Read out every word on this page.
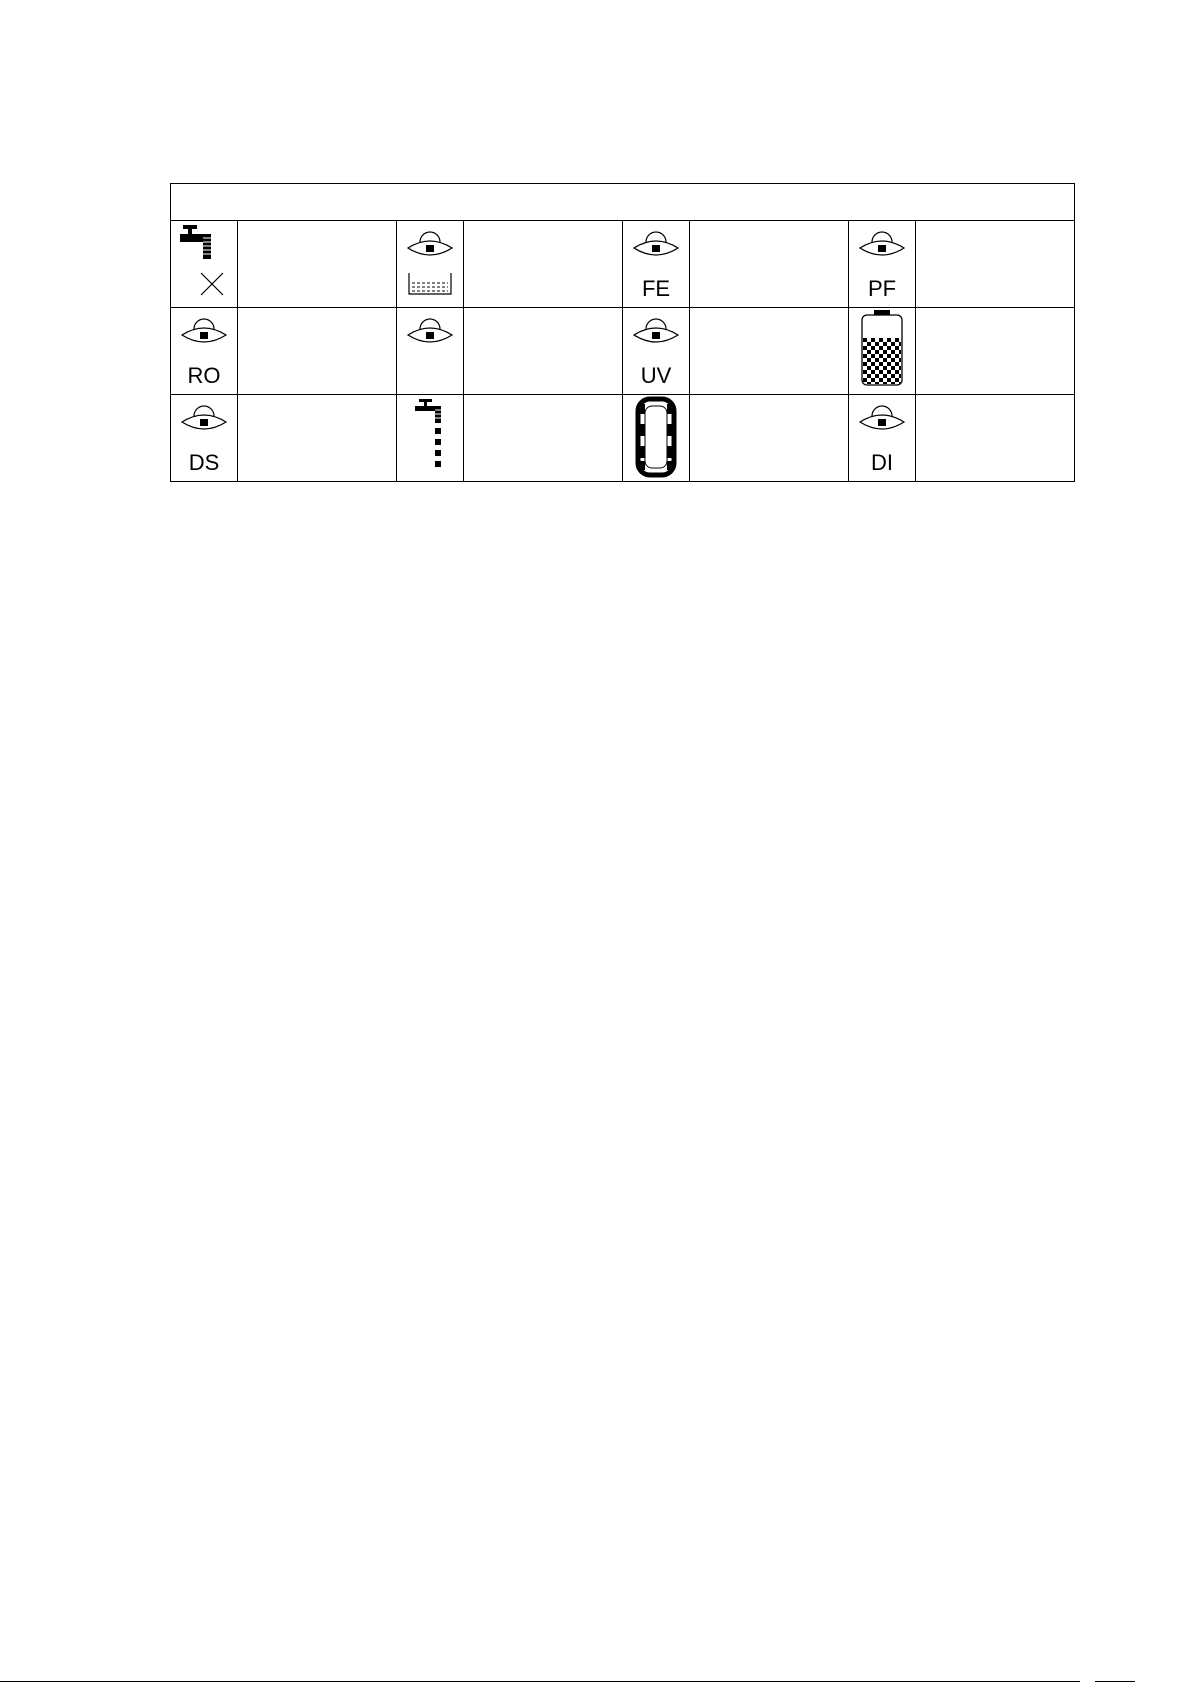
FE		PF	

RO				UV

DS						DI	
